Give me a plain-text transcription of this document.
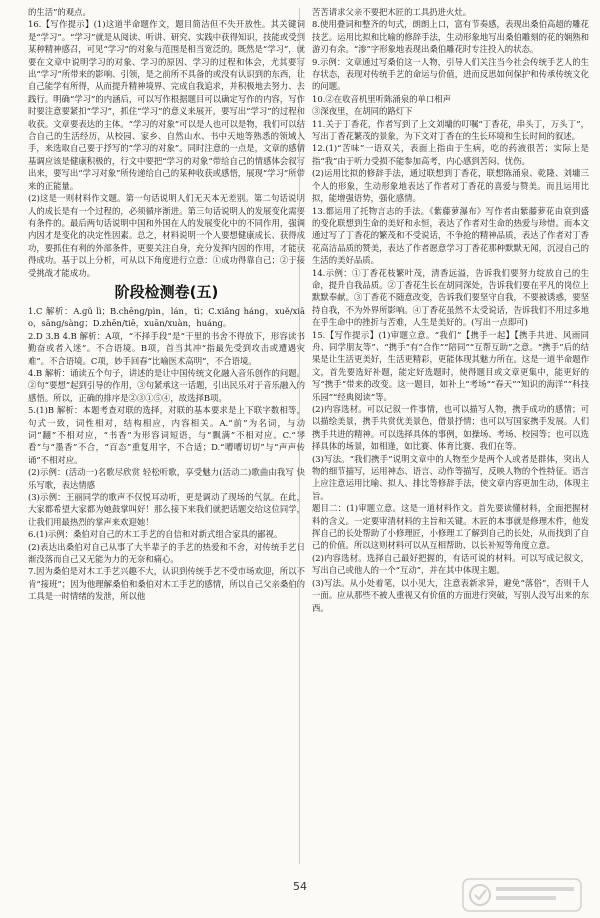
的生活”的观点。

16.【写作提示】(1)这道半命题作文，题目简洁但不失开放性。其关键词是“学习”。“学习”就是从阅读、听讲、研究、实践中获得知识，技能或受到某种精神感召，可见“学习”的对象与范围是相当宽泛的。既然是“学习”，就要在文章中说明学习的对象、学习的原因、学习的过程和体会，尤其要写出“学习”所带来的影响、引领，是之前所不具备的或没有认识到的东西，让自己能学有所得，从而提升精神境界、完成自我追求，并积极地去努力、去践行。明确“学习”的内涵后，可以写作根据题目可以确定写作的内容，写作时要注意要紧扣“学习”，抓住“学习”的意义来展开，要写出“学习”的过程和收获。文章要表达的主体。“学习的对象”可以是人也可以是物，我们可以结合自己的生活经历，从校园、家乡、自然山水、书中天地等熟悉的领域入手，来选取自己要于抒写的“学习的对象”。同时注意的一点是，文章的感情基调应该是健康积极的，行文中要把“学习的对象”带给自己的情感体会叙写出来，要写出“学习对象”所传递给自己的某种收获或感悟，展现“学习”所带来的正能量。

(2)这是一则材料作文题。第一句话说明人们无天本无差别。第二句话说明人的成长是有一个过程的，必须循序渐进。第三句话说明人的发展变化需要有条件的。最后两句话说明中国和外国在人的发展变化中的不同作用，强调内因才是变化的决定性因素。总之，材料说明一个人要想健康成长、获得成功，要抓住有利的外部条件，更要关注自身，充分发挥内因的作用，才能获得成功。基于以上分析，可从以下角度进行立意：①成功得靠自己；②于接受挑战才能成功。

阶段检测卷(五)

1.C 解析：A.ɡǔ lì；B.chēnɡ/pìn，lán，tì；C.xiǎnɡ hánɡ，xuě/xiāo，sānɡ/sànɡ；D.zhēn/tiē，xuān/xuàn，huánɡ。

2.D 3.B 4.B 解析：A项，“不择手段”是“干里的书舍不得放下，形容读书勤奋或者入迷”。不合语境。B项，首当其冲“指最先受到攻击或遭遇灾难”。不合语境。C项，妙手回春“比喻医术高明”，不合语境。

4.B 解析：诵读五个句子，讲述的是让中国传统文化融入音乐创作的问题。②句“要想”起到引导的作用，③句紧承这一话题，引出民乐对于音乐融入的感悟。所以，正确的排序是②③①⑤④，故选择B项。

5.(1)B 解析：本题考查对联的选择，对联的基本要求是上下联字数相等，句式一致，词性相对，结构相应，内容相关。A.“前”为名词，与动词“翻”不相对应，“书香”为形容词短语，与“飘满”不相对应。C.“琴看”与“墨香”不合，“百态”重复用字，不合适；D.“嘈嘈切切”与“声声传诵”不相对应。

(2)示例：(活动一)名歌尽欣赏 轻松听歌，享受魅力(活动二)歌曲由我写 快乐写歌，表达情感

(3)示例：王丽同学的歌声不仅悦耳动听，更是调动了现场的气氛。在此，大家都希望大家都为她鼓掌叫好！那么接下来我们就把话题交给这位同学，让我们用最热烈的掌声来欢迎她！

6.(1)示例：桑伯对自己的木工手艺的自信和对新式组合家具的鄙视。

(2)表达出桑伯对自己从事了大半辈子的手艺的热爱和不舍，对传统手艺日渐没落而自己又无能为力的无奈和痛心。

7.因为桑伯是对木工手艺兴趣不大，认识到传统手艺不受市场欢迎，所以不肯“接班”；因为他理解桑伯和桑伯对木工手艺的感情，所以自己父亲桑伯的工具是一时情绪的发泄，所以他

苦苦请求父亲不要把木匠的工具扔进火灶。

8.使用叠词和整齐的句式，朗朗上口，富有节奏感，表现出桑伯高超的雕花技艺。运用比拟和比喻的修辞手法，生动形象地写出桑伯雕刻的花的娴熟和游刃有余。“渗”字形象地表现出桑伯雕花时专注投入的状态。

9.示例：文章通过写桑伯这一人物，引导人们关注当今社会传统手艺人的生存状态，表现对传统手艺的命运与价值，进而反思如何保护和传承传统文化的问题。

10.②在收音机里听陈涌泉的单口相声

③深夜里，在胡同的路灯下

11.关于丁香花，作者写到了上文刘墉的叮嘱“丁香花，串头丁，万头丁”，写出丁香花繁茂的景象，为下文对丁香在的生长环境和生长时间的叙述。

12.(1)“苦味”一语双关，表面上指由于生病，吃的药液很苦；实际上是指“我”由于听力受损不能参加高考，内心感到苦闷、忧伤。

(2)运用比拟的修辞手法，通过联想到丁香花，联想陈涌泉、乾隆、刘墉三个人的形象，生动形象地表达了作者对丁香花的喜爱与赞美。而且运用比拟，能增强语势，强化感情。

13.都运用了托物言志的手法。《紫藤萝瀑布》写作者由紫藤萝花由衰到盛的变化联想到生命的美好和永恒，表达了作者对生命的热爱与珍惜。而本文通过写了丁香花的繁茂和不受说话，不争抢的精神品质，表达了作者对丁香花高洁品质的赞美，表达了作者愿意学习丁香花那种默默无闻，沉浸自己的生活的美好品质。

14.示例：①丁香花枝繁叶茂，清香远溢，告诉我们要努力绽放自己的生命，提升自我品质。②丁香花生长在胡同深处，告诉我们要在平凡的岗位上默默奉献。③丁香花不随意改变，告诉我们要坚守自我，不要被诱惑，要坚持自我，不为外界所影响。④丁香花虽然不太受说话，告诉我们不用过多地在乎生命中的挫折与苦难，人生是美好的。(写出一点即可)

15.【写作提示】(1)审题立意。“我们”【携手一起】【携手共进、风雨同舟、同学朋友等”、“携手”有“合作”“陪同”“互帮互助”之意。“携手”后的结果是让生活更美好，生活更精彩，更能体现其魅力所在。这是一道半命题作文，首先要选好补题，能定好选题时，使得题目或文章更集中，能更好的写“携手”带来的改变。这一题目，如补上“考场”“春天”“知识的海洋”“科技乐园”“经典阅读”等。

(2)内容选材。可以记叙一件事情，也可以描写人物，携手成功的感情；可以描绘美景，携手共赏优美景色，借景抒情；也可以写国家携手发展。人们携手共进的精神。可以选择具体的事例，如操场、考场、校园等；也可以选择具体的场景，如相逢，如比赛、体育比赛、我们在等。

(3)写法。“我们携手”说明文章中的人物至少是两个人或者是群体，突出人物的细节描写，运用神态、语言、动作等描写，反映人物的个性特征。语言上应注意运用比喻、拟人、排比等修辞手法，使文章内容更加生动，体现主旨。

题目二：(1)审题立意。这是一道材料作文。首先要读懂材料，全面把握材料的含义。一定要审清材料的主旨和关键。木匠的本事就是修理木件，他发挥自己的长处帮助了小修理匠，小修理工了解到自己的长处，从而找到了自己的价值。所以这则材料可以从互相帮助、以长补短等角度立意。

(2)内容选材。选择自己最好把握的，有话可说的材料。可以写成记叙文，写出自己或他人的一个“互动”，并在其中体现主题。

(3)写法。从小处着笔，以小见大，注意表新求异，避免“落俗”，否则千人一面。应从那些不被人重视又有价值的方面进行突破，写别人没写出来的东西。

54
